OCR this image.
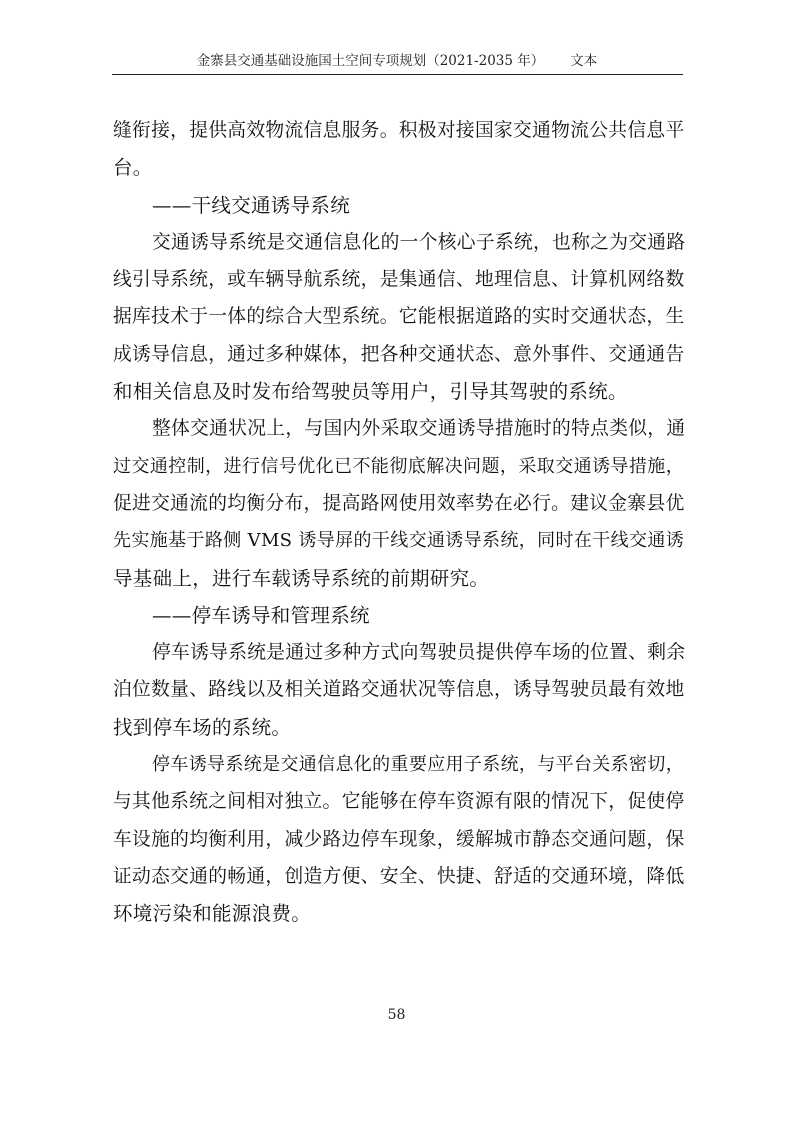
金寨县交通基础设施国土空间专项规划（2021-2035 年） 文本
缝衔接，提供高效物流信息服务。积极对接国家交通物流公共信息平
台。
——干线交通诱导系统
交通诱导系统是交通信息化的一个核心子系统，也称之为交通路
线引导系统，或车辆导航系统，是集通信、地理信息、计算机网络数
据库技术于一体的综合大型系统。它能根据道路的实时交通状态，生
成诱导信息，通过多种媒体，把各种交通状态、意外事件、交通通告
和相关信息及时发布给驾驶员等用户，引导其驾驶的系统。
整体交通状况上，与国内外采取交通诱导措施时的特点类似，通
过交通控制，进行信号优化已不能彻底解决问题，采取交通诱导措施，
促进交通流的均衡分布，提高路网使用效率势在必行。建议金寨县优
先实施基于路侧 VMS 诱导屏的干线交通诱导系统，同时在干线交通诱
导基础上，进行车载诱导系统的前期研究。
——停车诱导和管理系统
停车诱导系统是通过多种方式向驾驶员提供停车场的位置、剩余
泊位数量、路线以及相关道路交通状况等信息，诱导驾驶员最有效地
找到停车场的系统。
停车诱导系统是交通信息化的重要应用子系统，与平台关系密切，
与其他系统之间相对独立。它能够在停车资源有限的情况下，促使停
车设施的均衡利用，减少路边停车现象，缓解城市静态交通问题，保
证动态交通的畅通，创造方便、安全、快捷、舒适的交通环境，降低
环境污染和能源浪费。
58
